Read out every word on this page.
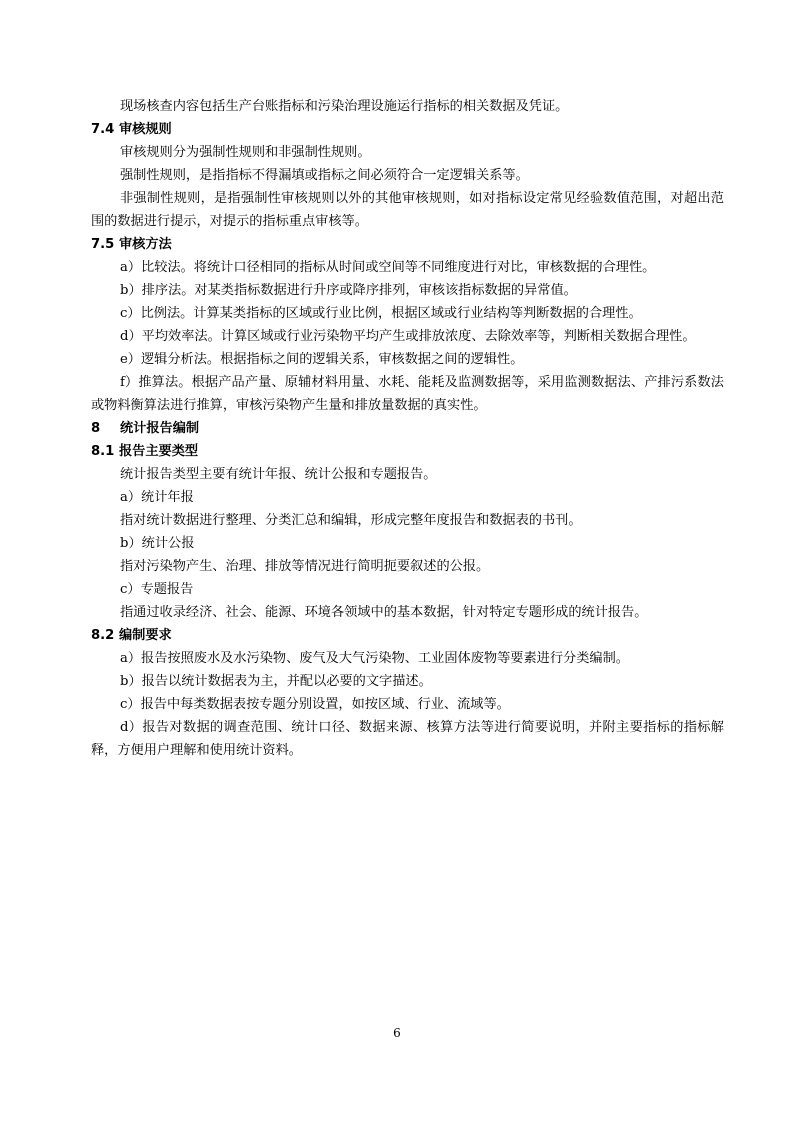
现场核查内容包括生产台账指标和污染治理设施运行指标的相关数据及凭证。
7.4 审核规则
审核规则分为强制性规则和非强制性规则。
强制性规则，是指指标不得漏填或指标之间必须符合一定逻辑关系等。
非强制性规则，是指强制性审核规则以外的其他审核规则，如对指标设定常见经验数值范围，对超出范围的数据进行提示，对提示的指标重点审核等。
7.5 审核方法
a）比较法。将统计口径相同的指标从时间或空间等不同维度进行对比，审核数据的合理性。
b）排序法。对某类指标数据进行升序或降序排列，审核该指标数据的异常值。
c）比例法。计算某类指标的区域或行业比例，根据区域或行业结构等判断数据的合理性。
d）平均效率法。计算区域或行业污染物平均产生或排放浓度、去除效率等，判断相关数据合理性。
e）逻辑分析法。根据指标之间的逻辑关系，审核数据之间的逻辑性。
f）推算法。根据产品产量、原辅材料用量、水耗、能耗及监测数据等，采用监测数据法、产排污系数法或物料衡算法进行推算，审核污染物产生量和排放量数据的真实性。
8 统计报告编制
8.1 报告主要类型
统计报告类型主要有统计年报、统计公报和专题报告。
a）统计年报
指对统计数据进行整理、分类汇总和编辑，形成完整年度报告和数据表的书刊。
b）统计公报
指对污染物产生、治理、排放等情况进行简明扼要叙述的公报。
c）专题报告
指通过收录经济、社会、能源、环境各领域中的基本数据，针对特定专题形成的统计报告。
8.2 编制要求
a）报告按照废水及水污染物、废气及大气污染物、工业固体废物等要素进行分类编制。
b）报告以统计数据表为主，并配以必要的文字描述。
c）报告中每类数据表按专题分别设置，如按区域、行业、流域等。
d）报告对数据的调查范围、统计口径、数据来源、核算方法等进行简要说明，并附主要指标的指标解释，方便用户理解和使用统计资料。
6
